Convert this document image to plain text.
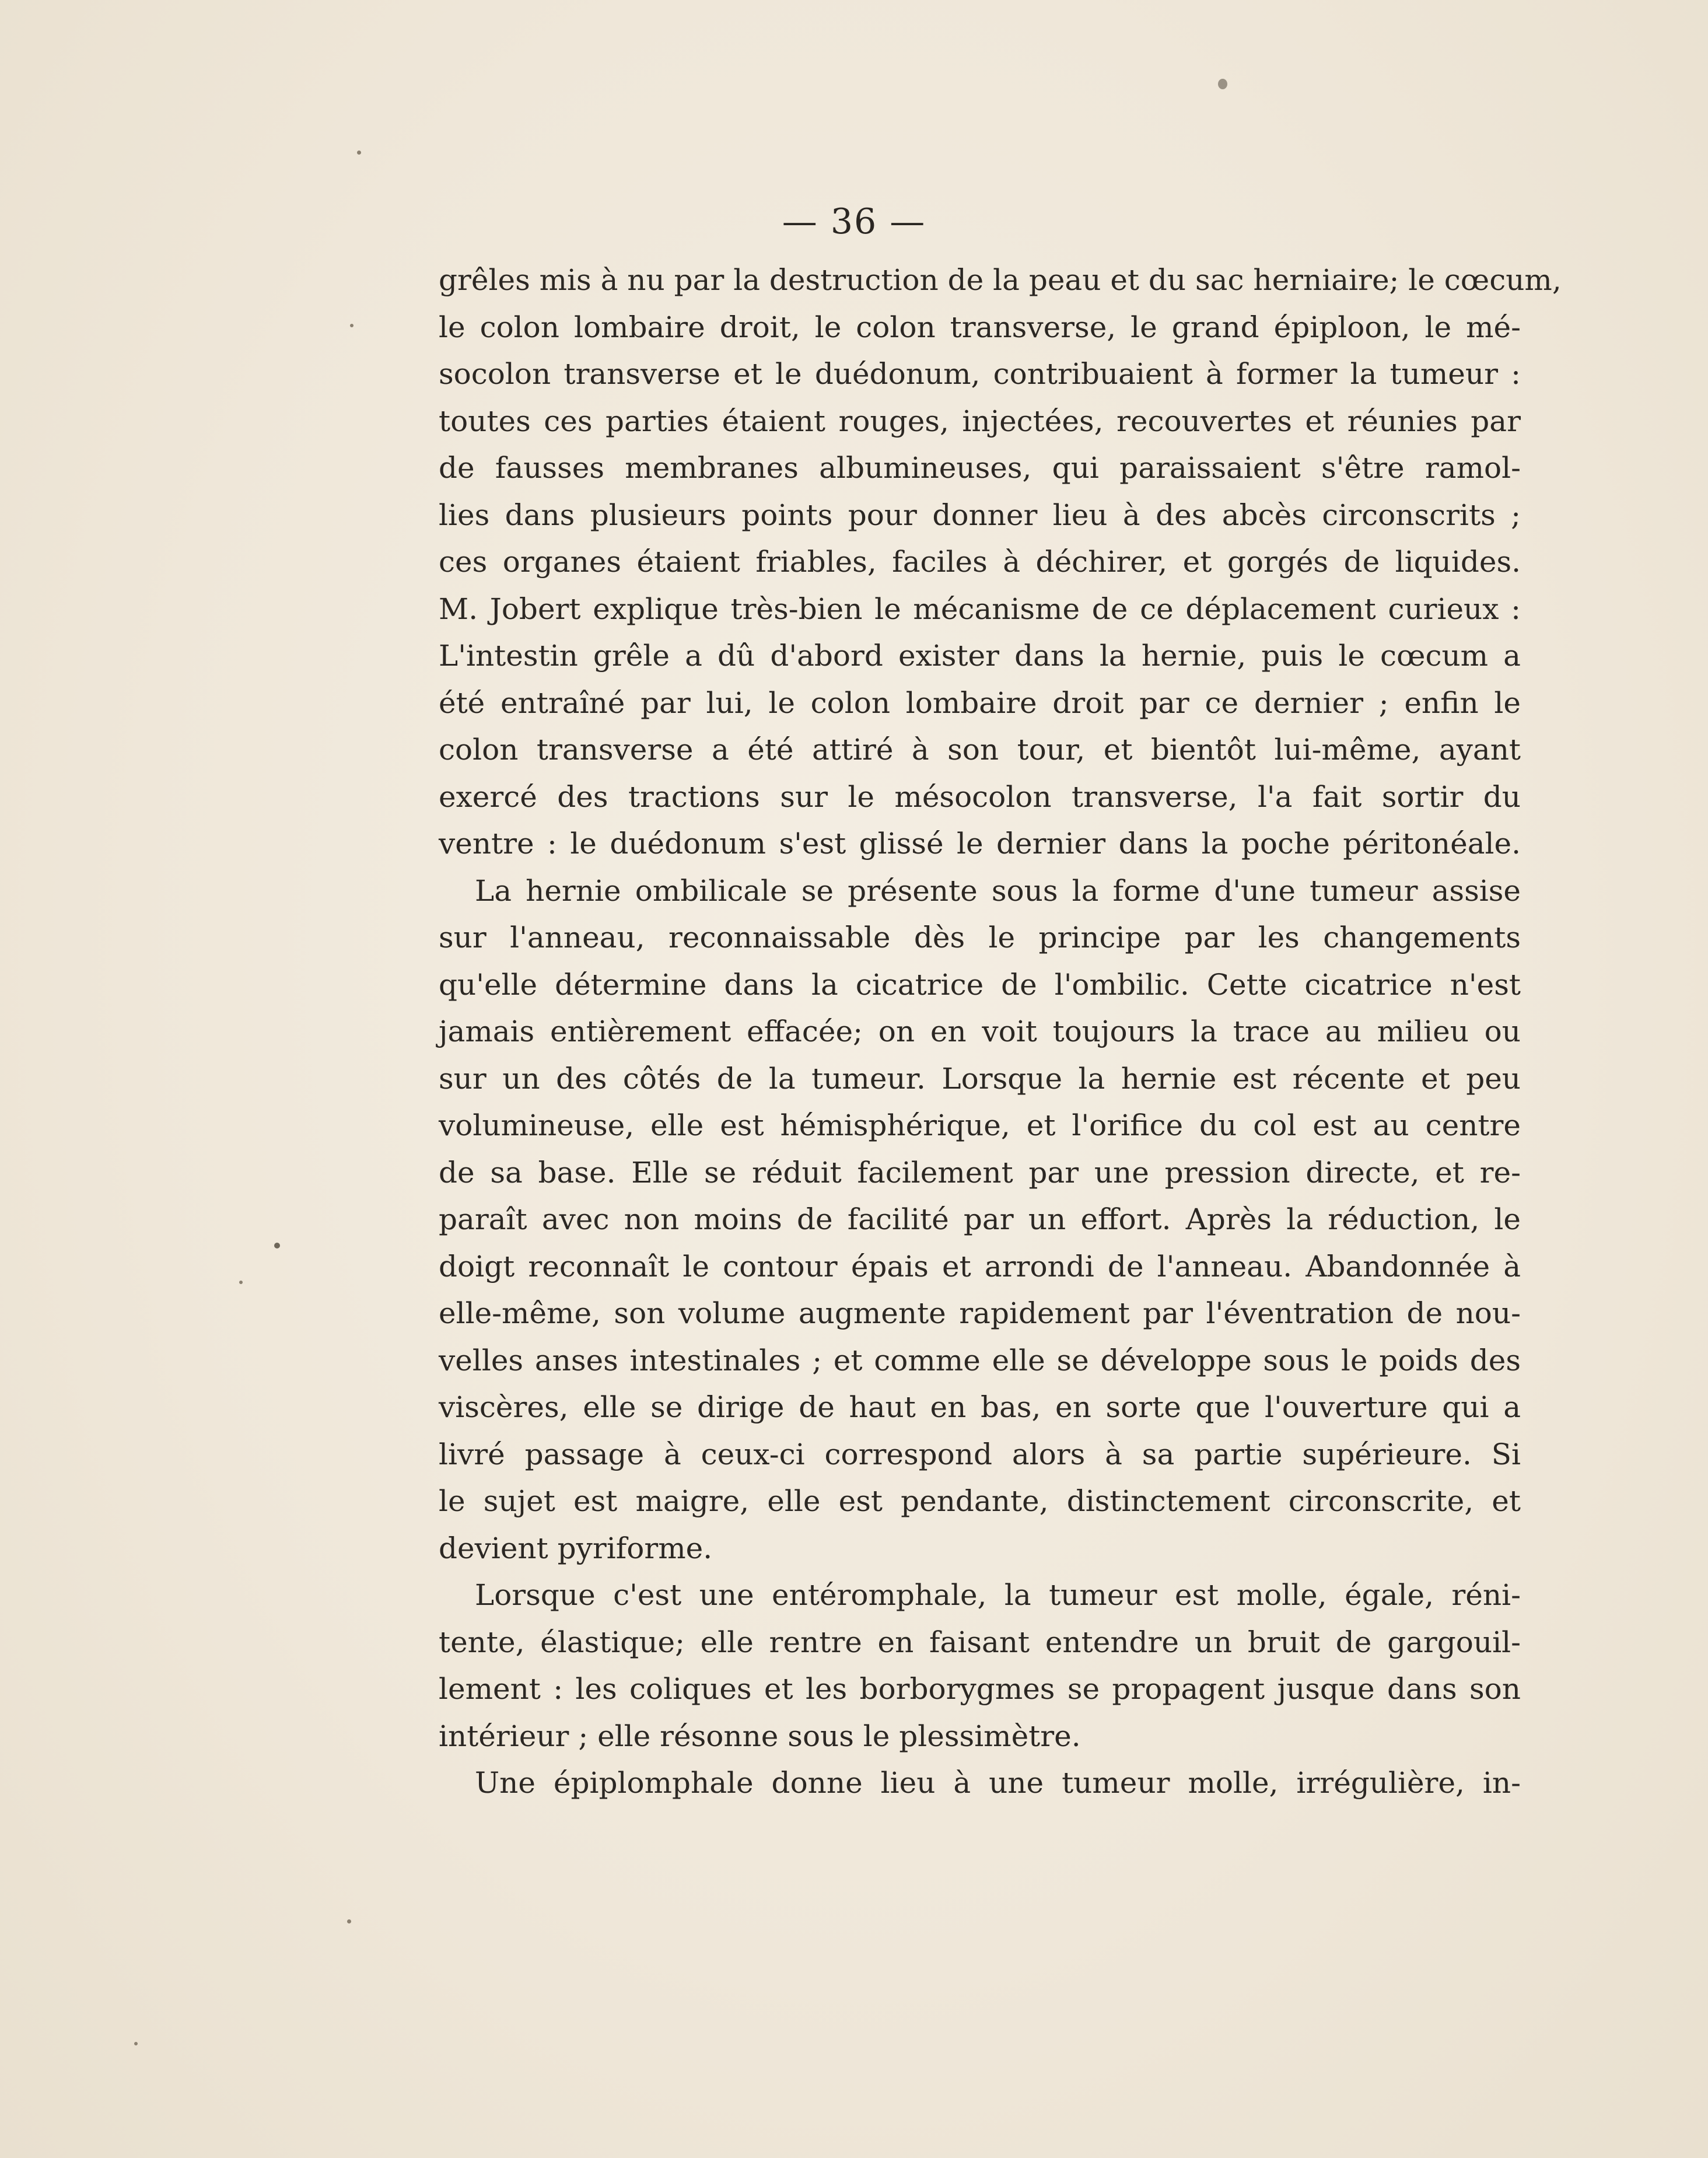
— 36 —
grêles mis à nu par la destruction de la peau et du sac herniaire; le cœcum,
le colon lombaire droit, le colon transverse, le grand épiploon, le mé-
socolon transverse et le duédonum, contribuaient à former la tumeur :
toutes ces parties étaient rouges, injectées, recouvertes et réunies par
de fausses membranes albumineuses, qui paraissaient s'être ramol-
lies dans plusieurs points pour donner lieu à des abcès circonscrits ;
ces organes étaient friables, faciles à déchirer, et gorgés de liquides.
M. Jobert explique très-bien le mécanisme de ce déplacement curieux :
L'intestin grêle a dû d'abord exister dans la hernie, puis le cœcum a
été entraîné par lui, le colon lombaire droit par ce dernier ; enfin le
colon transverse a été attiré à son tour, et bientôt lui-même, ayant
exercé des tractions sur le mésocolon transverse, l'a fait sortir du
ventre : le duédonum s'est glissé le dernier dans la poche péritonéale.
La hernie ombilicale se présente sous la forme d'une tumeur assise
sur l'anneau, reconnaissable dès le principe par les changements
qu'elle détermine dans la cicatrice de l'ombilic. Cette cicatrice n'est
jamais entièrement effacée; on en voit toujours la trace au milieu ou
sur un des côtés de la tumeur. Lorsque la hernie est récente et peu
volumineuse, elle est hémisphérique, et l'orifice du col est au centre
de sa base. Elle se réduit facilement par une pression directe, et re-
paraît avec non moins de facilité par un effort. Après la réduction, le
doigt reconnaît le contour épais et arrondi de l'anneau. Abandonnée à
elle-même, son volume augmente rapidement par l'éventration de nou-
velles anses intestinales ; et comme elle se développe sous le poids des
viscères, elle se dirige de haut en bas, en sorte que l'ouverture qui a
livré passage à ceux-ci correspond alors à sa partie supérieure. Si
le sujet est maigre, elle est pendante, distinctement circonscrite, et
devient pyriforme.
Lorsque c'est une entéromphale, la tumeur est molle, égale, réni-
tente, élastique; elle rentre en faisant entendre un bruit de gargouil-
lement : les coliques et les borborygmes se propagent jusque dans son
intérieur ; elle résonne sous le plessimètre.
Une épiplomphale donne lieu à une tumeur molle, irrégulière, in-
